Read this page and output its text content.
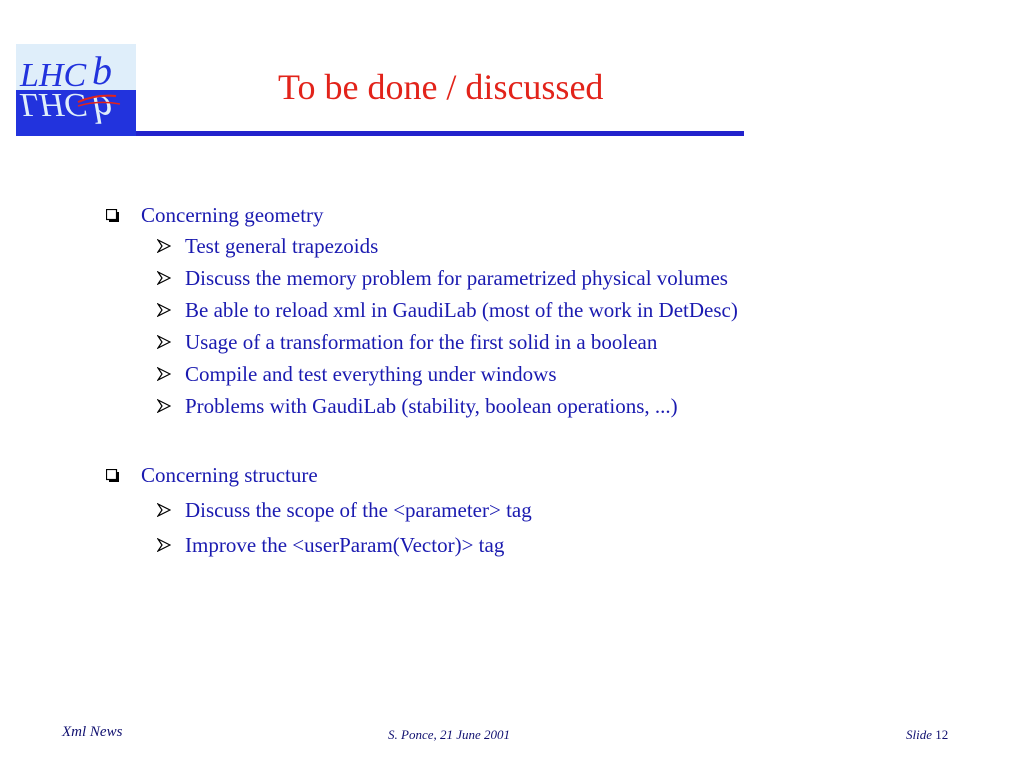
LHC b
LHC b	To be done / discussed
Concerning geometry
Test general trapezoids
Discuss the memory problem for parametrized physical volumes
Be able to reload xml in GaudiLab (most of the work in DetDesc)
Usage of a transformation for the first solid in a boolean
Compile and test everything under windows
Problems with GaudiLab (stability, boolean operations, ...)
Concerning structure
Discuss the scope of the <parameter> tag
Improve the <userParam(Vector)> tag
Xml News	S. Ponce, 21 June 2001	Slide 12
